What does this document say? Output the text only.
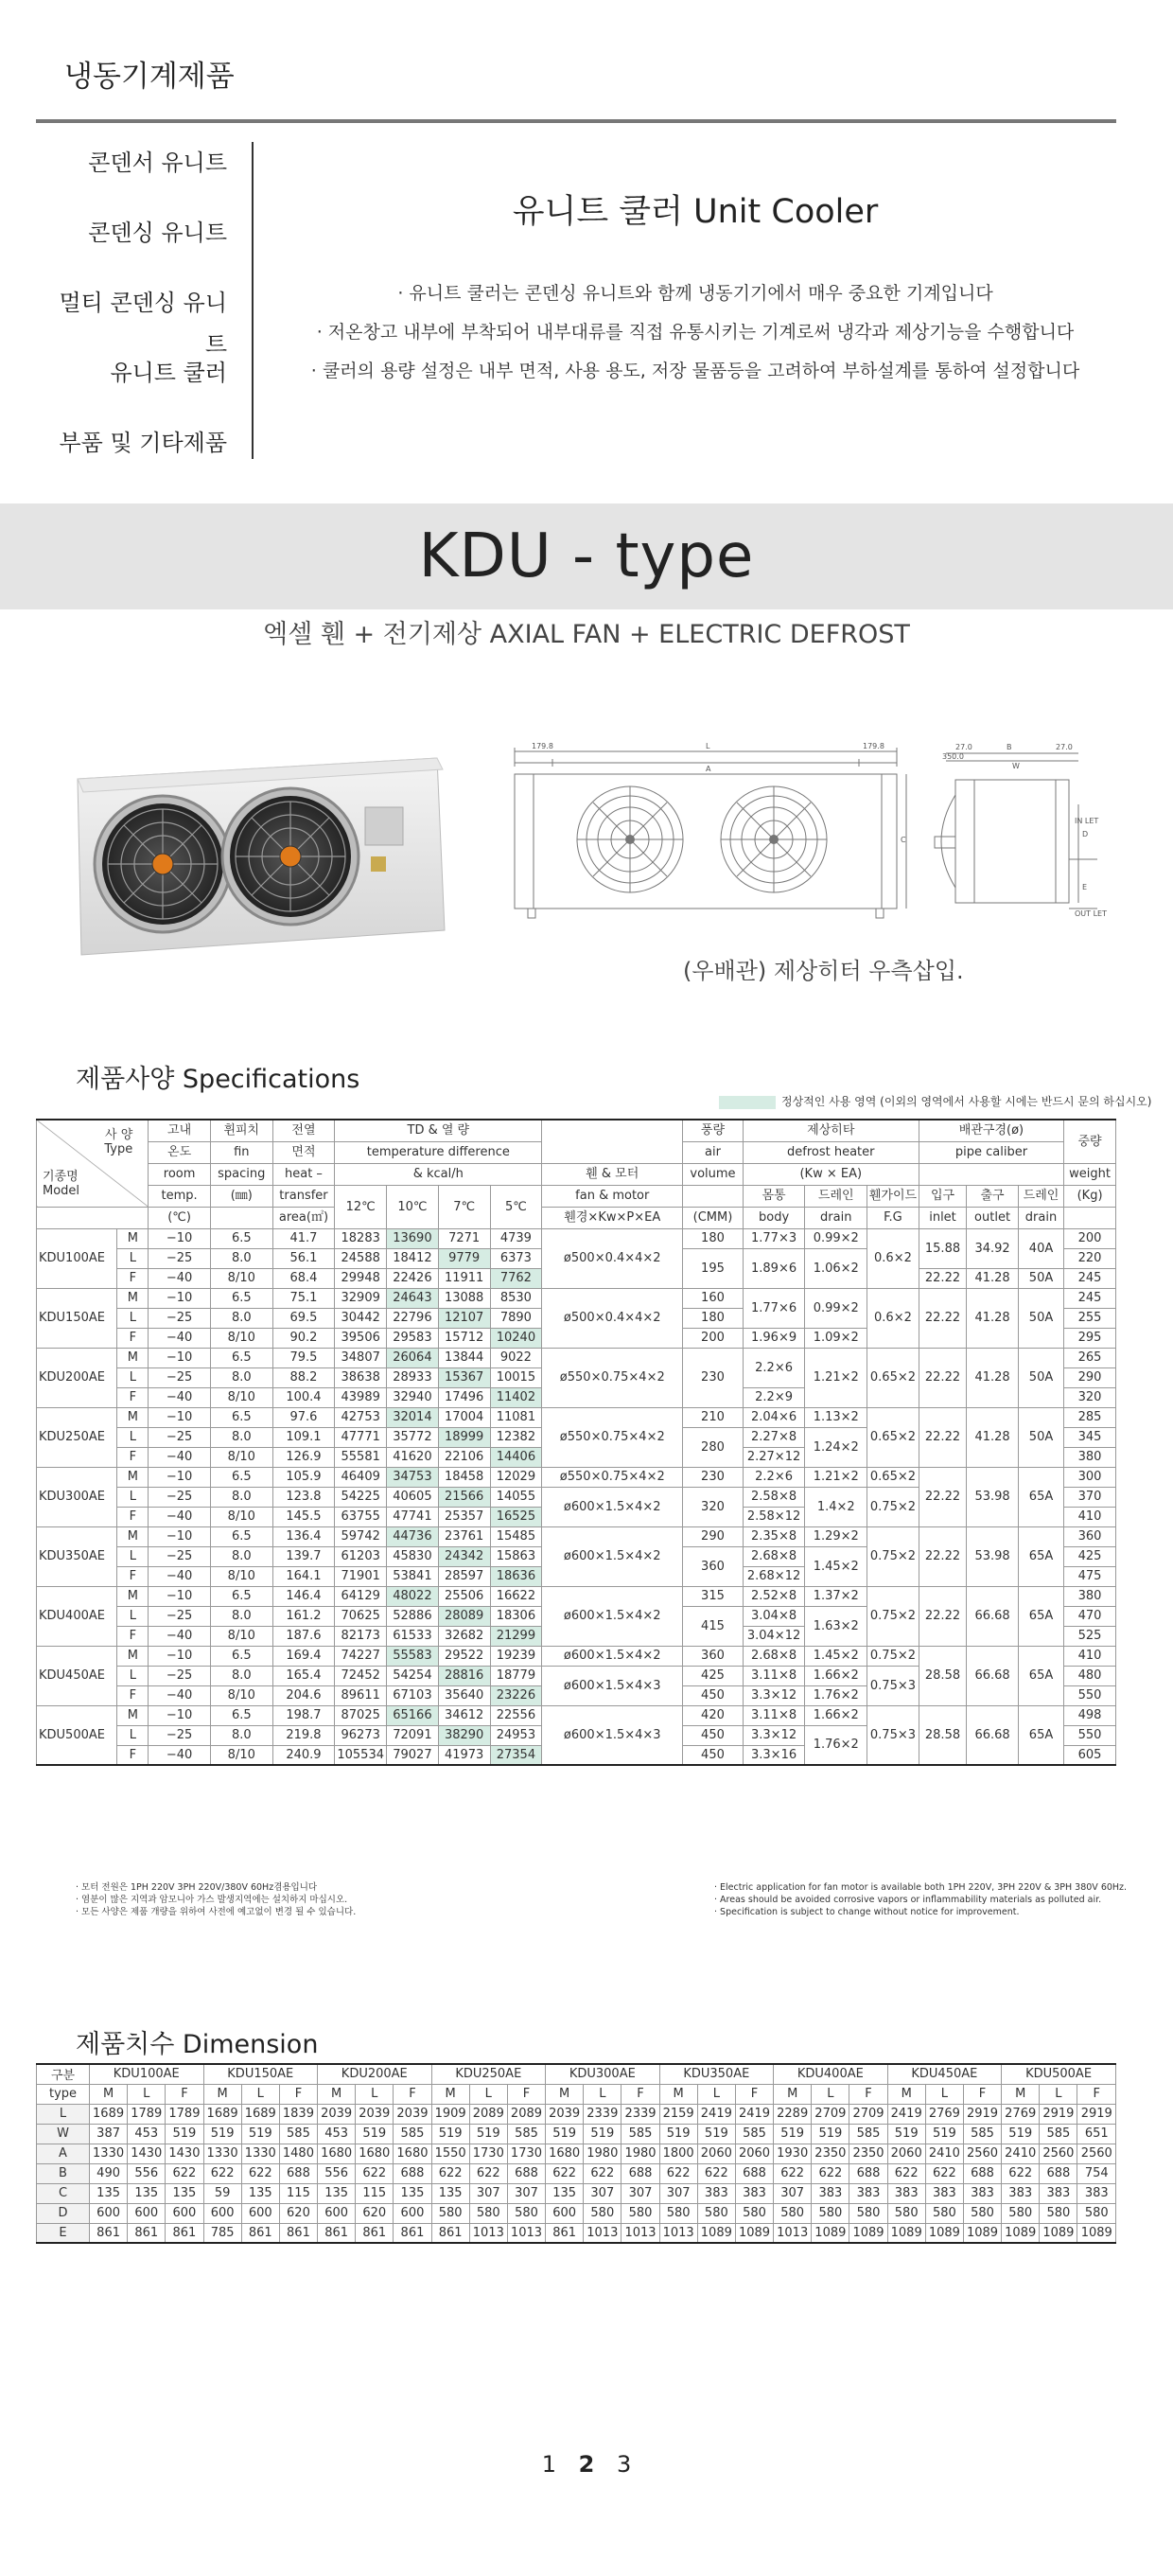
냉동기계제품
콘덴서 유니트
콘덴싱 유니트
멀티 콘덴싱 유니트
유니트 쿨러
부품 및 기타제품
유니트 쿨러 Unit Cooler

· 유니트 쿨러는 콘덴싱 유니트와 함께 냉동기기에서 매우 중요한 기계입니다

· 저온창고 내부에 부착되어 내부대류를 직접 유통시키는 기계로써 냉각과 제상기능을 수행합니다

· 쿨러의 용량 설정은 내부 면적, 사용 용도, 저장 물품등을 고려하여 부하설계를 통하여 설정합니다

KDU - type
엑셀 휀 + 전기제상 AXIAL FAN + ELECTRIC DEFROST
179.8	L
A
179.8
C
27.0	B	27.0
350.0
W
D
E
IN LET
OUT LET
(우배관) 제상히터 우측삽입.
제품사양 Specifications
정상적인 사용 영역 (이외의 영역에서 사용할 시에는 반드시 문의 하십시오)
사 양
Type
기종명
Model		고내	휜피치	전열	TD & 열 량					풍량	제상히타			배관구경(ø)			중량
		온도	fin	면적	temperature difference					air	defrost heater			pipe caliber			
		room	spacing	heat –	& kcal/h				휀 & 모터	volume	(Kw × EA)						weight
		temp.	(㎜)	transfer	12℃	10℃	7℃	5℃	fan & motor		몸통	드레인	휀가이드	입구	출구	드레인	(Kg)
		(℃)		area(㎡)					휀경×Kw×P×EA	(CMM)	body	drain	F.G	inlet	outlet	drain	
KDU100AE	M	−10	6.5	41.7	18283	13690	7271	4739	ø500×0.4×4×2	180	1.77×3	0.99×2	0.6×2	15.88	34.92	40A	200
	L	−25	8.0	56.1	24588	18412	9779	6373		195	1.89×6	1.06×2					220
	F	−40	8/10	68.4	29948	22426	11911	7762						22.22	41.28	50A	245
KDU150AE	M	−10	6.5	75.1	32909	24643	13088	8530	ø500×0.4×4×2	160	1.77×6	0.99×2	0.6×2	22.22	41.28	50A	245
	L	−25	8.0	69.5	30442	22796	12107	7890		180							255
	F	−40	8/10	90.2	39506	29583	15712	10240		200	1.96×9	1.09×2					295
KDU200AE	M	−10	6.5	79.5	34807	26064	13844	9022	ø550×0.75×4×2	230	2.2×6	1.21×2	0.65×2	22.22	41.28	50A	265
	L	−25	8.0	88.2	38638	28933	15367	10015									290
	F	−40	8/10	100.4	43989	32940	17496	11402			2.2×9						320
KDU250AE	M	−10	6.5	97.6	42753	32014	17004	11081	ø550×0.75×4×2	210	2.04×6	1.13×2	0.65×2	22.22	41.28	50A	285
	L	−25	8.0	109.1	47771	35772	18999	12382		280	2.27×8	1.24×2					345
	F	−40	8/10	126.9	55581	41620	22106	14406			2.27×12						380
KDU300AE	M	−10	6.5	105.9	46409	34753	18458	12029	ø550×0.75×4×2	230	2.2×6	1.21×2	0.65×2	22.22	53.98	65A	300
	L	−25	8.0	123.8	54225	40605	21566	14055	ø600×1.5×4×2	320	2.58×8	1.4×2	0.75×2				370
	F	−40	8/10	145.5	63755	47741	25357	16525			2.58×12						410
KDU350AE	M	−10	6.5	136.4	59742	44736	23761	15485	ø600×1.5×4×2	290	2.35×8	1.29×2	0.75×2	22.22	53.98	65A	360
	L	−25	8.0	139.7	61203	45830	24342	15863		360	2.68×8	1.45×2					425
	F	−40	8/10	164.1	71901	53841	28597	18636			2.68×12						475
KDU400AE	M	−10	6.5	146.4	64129	48022	25506	16622	ø600×1.5×4×2	315	2.52×8	1.37×2	0.75×2	22.22	66.68	65A	380
	L	−25	8.0	161.2	70625	52886	28089	18306		415	3.04×8	1.63×2					470
	F	−40	8/10	187.6	82173	61533	32682	21299			3.04×12						525
KDU450AE	M	−10	6.5	169.4	74227	55583	29522	19239	ø600×1.5×4×2	360	2.68×8	1.45×2	0.75×2	28.58	66.68	65A	410
	L	−25	8.0	165.4	72452	54254	28816	18779	ø600×1.5×4×3	425	3.11×8	1.66×2	0.75×3				480
	F	−40	8/10	204.6	89611	67103	35640	23226		450	3.3×12	1.76×2					550
KDU500AE	M	−10	6.5	198.7	87025	65166	34612	22556	ø600×1.5×4×3	420	3.11×8	1.66×2	0.75×3	28.58	66.68	65A	498
	L	−25	8.0	219.8	96273	72091	38290	24953		450	3.3×12	1.76×2					550
	F	−40	8/10	240.9	105534	79027	41973	27354		450	3.3×16						605
· 모터 전원은 1PH 220V 3PH 220V/380V 60Hz겸용입니다
· 염분이 많은 지역과 암모니아 가스 발생지역에는 설치하지 마십시오.
· 모든 사양은 제품 개량을 위하여 사전에 예고없이 변경 될 수 있습니다.
· Electric application for fan motor is available both 1PH 220V, 3PH 220V & 3PH 380V 60Hz.
· Areas should be avoided corrosive vapors or inflammability materials as polluted air.
· Specification is subject to change without notice for improvement.
제품치수 Dimension
구분	KDU100AE			KDU150AE			KDU200AE			KDU250AE			KDU300AE			KDU350AE			KDU400AE			KDU450AE			KDU500AE		
type	M	L	F	M	L	F	M	L	F	M	L	F	M	L	F	M	L	F	M	L	F	M	L	F	M	L	F
L	1689	1789	1789	1689	1689	1839	2039	2039	2039	1909	2089	2089	2039	2339	2339	2159	2419	2419	2289	2709	2709	2419	2769	2919	2769	2919	2919
W	387	453	519	519	519	585	453	519	585	519	519	585	519	519	585	519	519	585	519	519	585	519	519	585	519	585	651
A	1330	1430	1430	1330	1330	1480	1680	1680	1680	1550	1730	1730	1680	1980	1980	1800	2060	2060	1930	2350	2350	2060	2410	2560	2410	2560	2560
B	490	556	622	622	622	688	556	622	688	622	622	688	622	622	688	622	622	688	622	622	688	622	622	688	622	688	754
C	135	135	135	59	135	115	135	115	135	135	307	307	135	307	307	307	383	383	307	383	383	383	383	383	383	383	383
D	600	600	600	600	600	620	600	620	600	580	580	580	600	580	580	580	580	580	580	580	580	580	580	580	580	580	580
E	861	861	861	785	861	861	861	861	861	861	1013	1013	861	1013	1013	1013	1089	1089	1013	1089	1089	1089	1089	1089	1089	1089	1089
1 2 3
